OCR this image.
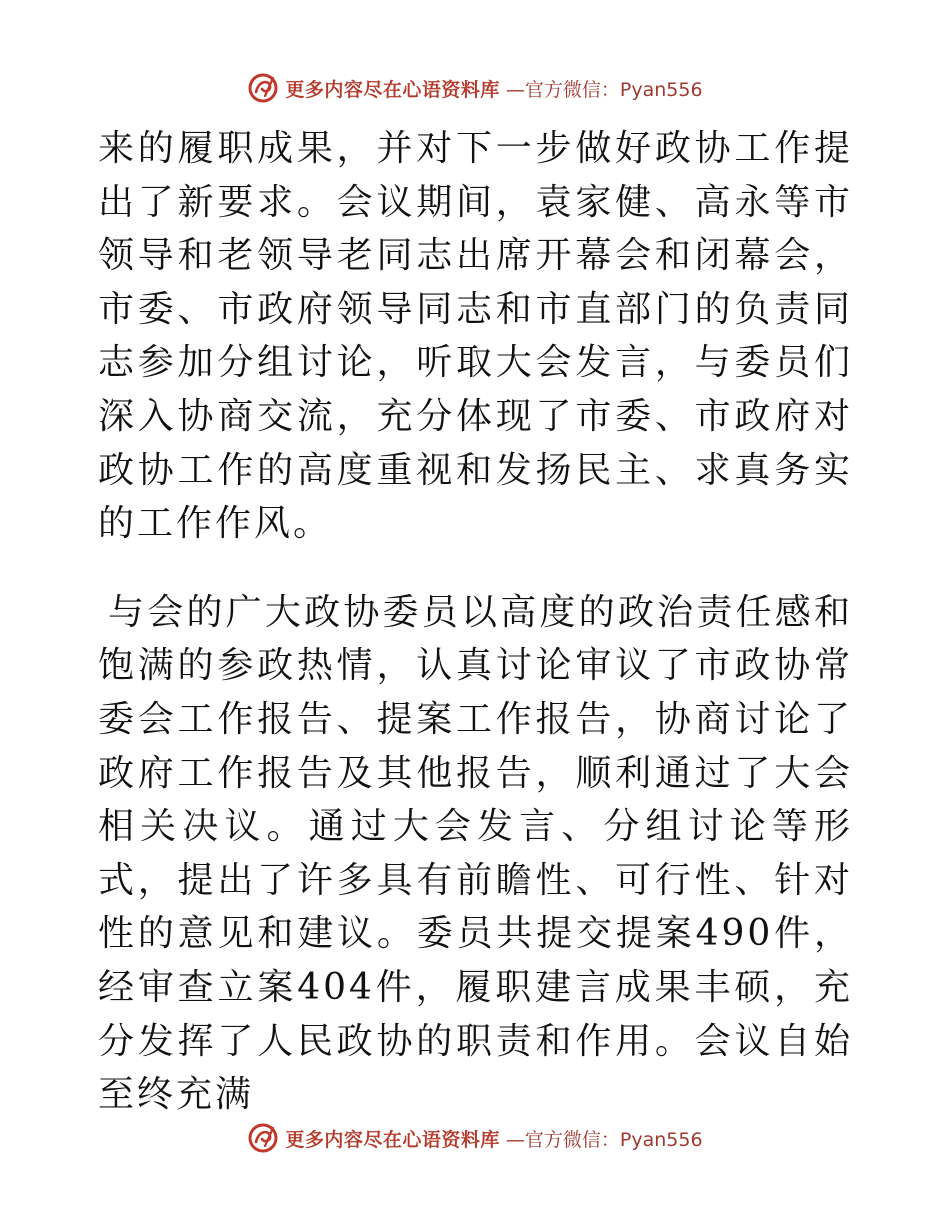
更多内容尽在心语资料库 —官方微信：Pyan556

来的履职成果，并对下一步做好政协工作提出了新要求。会议期间，袁家健、高永等市领导和老领导老同志出席开幕会和闭幕会，市委、市政府领导同志和市直部门的负责同志参加分组讨论，听取大会发言，与委员们深入协商交流，充分体现了市委、市政府对政协工作的高度重视和发扬民主、求真务实的工作作风。

与会的广大政协委员以高度的政治责任感和饱满的参政热情，认真讨论审议了市政协常委会工作报告、提案工作报告，协商讨论了政府工作报告及其他报告，顺利通过了大会相关决议。通过大会发言、分组讨论等形式，提出了许多具有前瞻性、可行性、针对性的意见和建议。委员共提交提案490件，经审查立案404件，履职建言成果丰硕，充分发挥了人民政协的职责和作用。会议自始至终充满

更多内容尽在心语资料库 —官方微信：Pyan556
